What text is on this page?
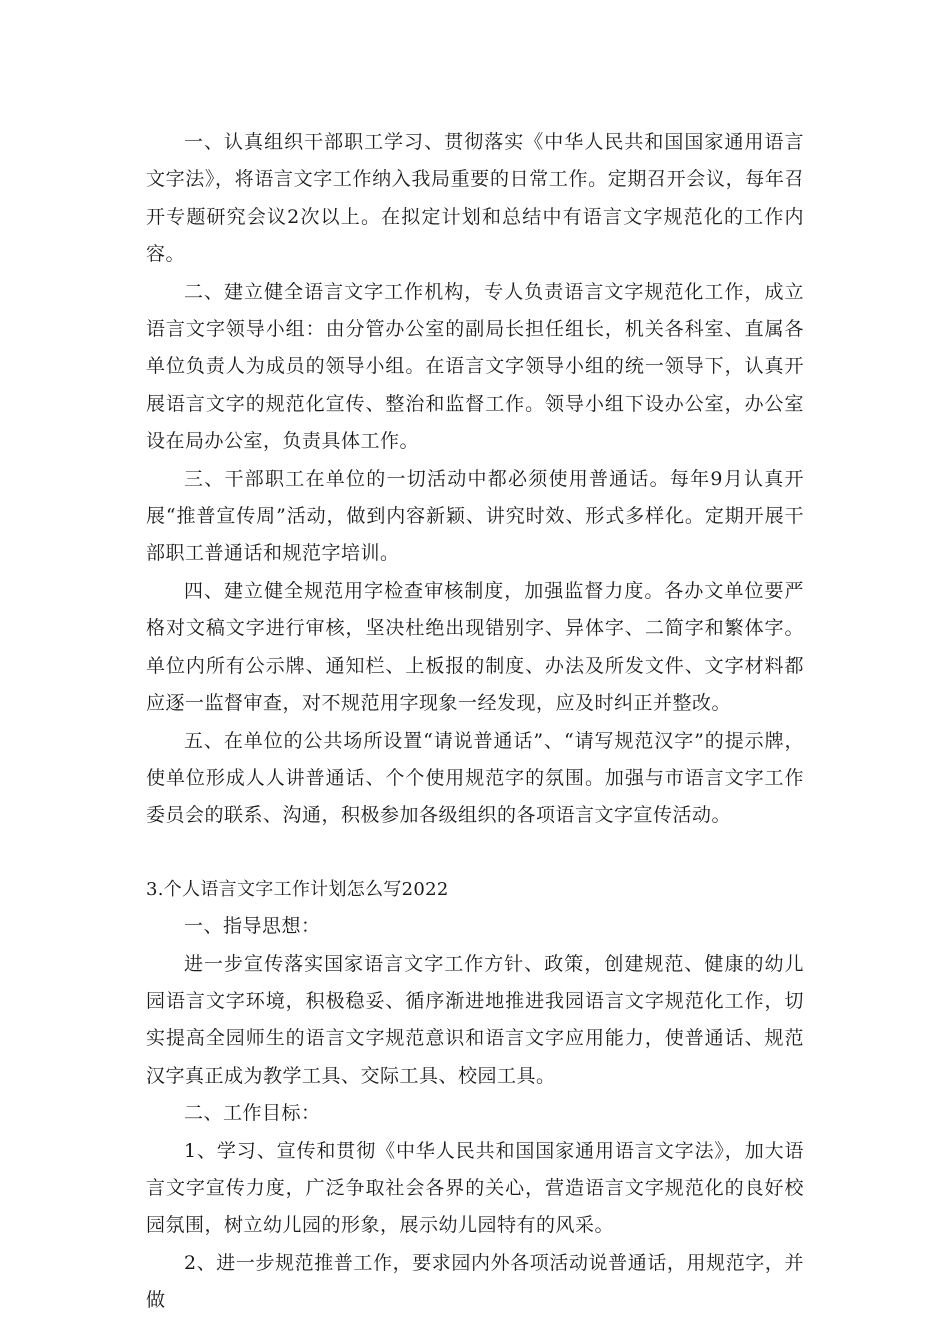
一、认真组织干部职工学习、贯彻落实《中华人民共和国国家通用语言文字法》，将语言文字工作纳入我局重要的日常工作。定期召开会议，每年召开专题研究会议2次以上。在拟定计划和总结中有语言文字规范化的工作内容。

二、建立健全语言文字工作机构，专人负责语言文字规范化工作，成立语言文字领导小组：由分管办公室的副局长担任组长，机关各科室、直属各单位负责人为成员的领导小组。在语言文字领导小组的统一领导下，认真开展语言文字的规范化宣传、整治和监督工作。领导小组下设办公室，办公室设在局办公室，负责具体工作。

三、干部职工在单位的一切活动中都必须使用普通话。每年9月认真开展“推普宣传周”活动，做到内容新颖、讲究时效、形式多样化。定期开展干部职工普通话和规范字培训。

四、建立健全规范用字检查审核制度，加强监督力度。各办文单位要严格对文稿文字进行审核，坚决杜绝出现错别字、异体字、二简字和繁体字。单位内所有公示牌、通知栏、上板报的制度、办法及所发文件、文字材料都应逐一监督审查，对不规范用字现象一经发现，应及时纠正并整改。

五、在单位的公共场所设置“请说普通话”、“请写规范汉字”的提示牌，使单位形成人人讲普通话、个个使用规范字的氛围。加强与市语言文字工作委员会的联系、沟通，积极参加各级组织的各项语言文字宣传活动。

3.个人语言文字工作计划怎么写2022

一、指导思想：

进一步宣传落实国家语言文字工作方针、政策，创建规范、健康的幼儿园语言文字环境，积极稳妥、循序渐进地推进我园语言文字规范化工作，切实提高全园师生的语言文字规范意识和语言文字应用能力，使普通话、规范汉字真正成为教学工具、交际工具、校园工具。

二、工作目标：

1、学习、宣传和贯彻《中华人民共和国国家通用语言文字法》，加大语言文字宣传力度，广泛争取社会各界的关心，营造语言文字规范化的良好校园氛围，树立幼儿园的形象，展示幼儿园特有的风采。

2、进一步规范推普工作，要求园内外各项活动说普通话，用规范字，并做
